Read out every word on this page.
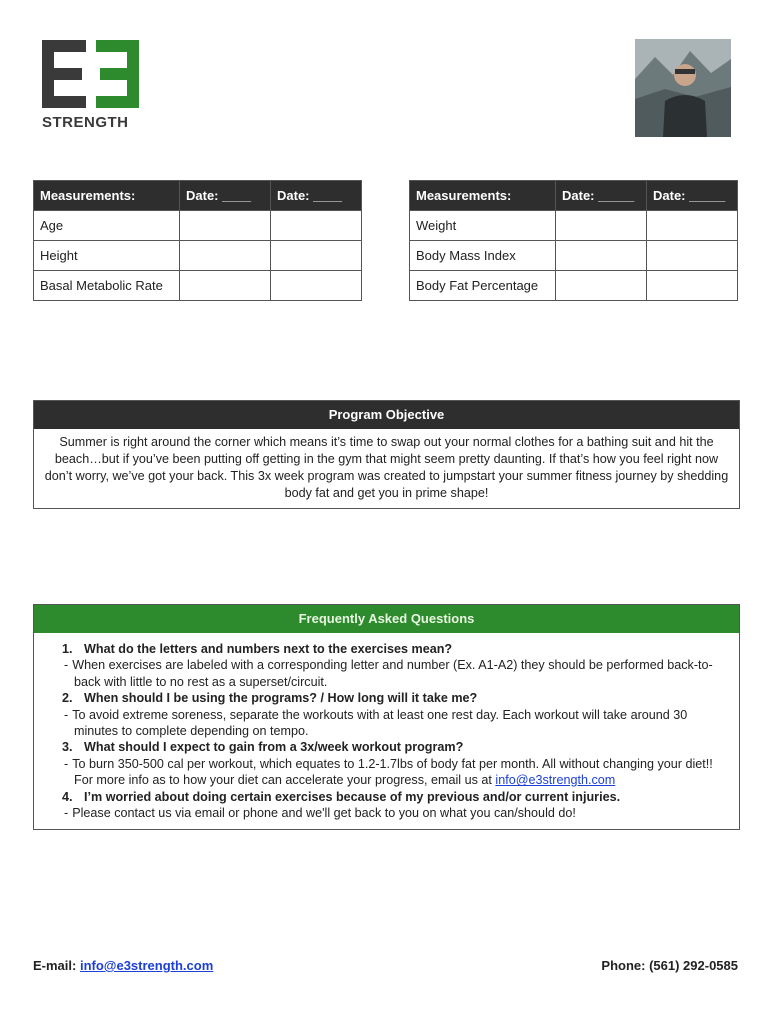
STRENGTH
Measurements:	Date: ____	Date: ____
Age		
Height		
Basal Metabolic Rate		
Measurements:	Date: _____	Date: _____
Weight		
Body Mass Index		
Body Fat Percentage		
Program Objective
Summer is right around the corner which means it’s time to swap out your normal clothes for a bathing suit and hit the beach…but if you’ve been putting off getting in the gym that might seem pretty daunting. If that’s how you feel right now don’t worry, we’ve got your back. This 3x week program was created to jumpstart your summer fitness journey by shedding body fat and get you in prime shape!
Frequently Asked Questions

1. What do the letters and numbers next to the exercises mean?

- When exercises are labeled with a corresponding letter and number (Ex. A1-A2) they should be performed back-to-back with little to no rest as a superset/circuit.

2. When should I be using the programs? / How long will it take me?

- To avoid extreme soreness, separate the workouts with at least one rest day. Each workout will take around 30 minutes to complete depending on tempo.

3. What should I expect to gain from a 3x/week workout program?

- To burn 350-500 cal per workout, which equates to 1.2-1.7lbs of body fat per month. All without changing your diet!! For more info as to how your diet can accelerate your progress, email us at info@e3strength.com

4. I’m worried about doing certain exercises because of my previous and/or current injuries.

- Please contact us via email or phone and we'll get back to you on what you can/should do!

E-mail: info@e3strength.com	Phone: (561) 292-0585
